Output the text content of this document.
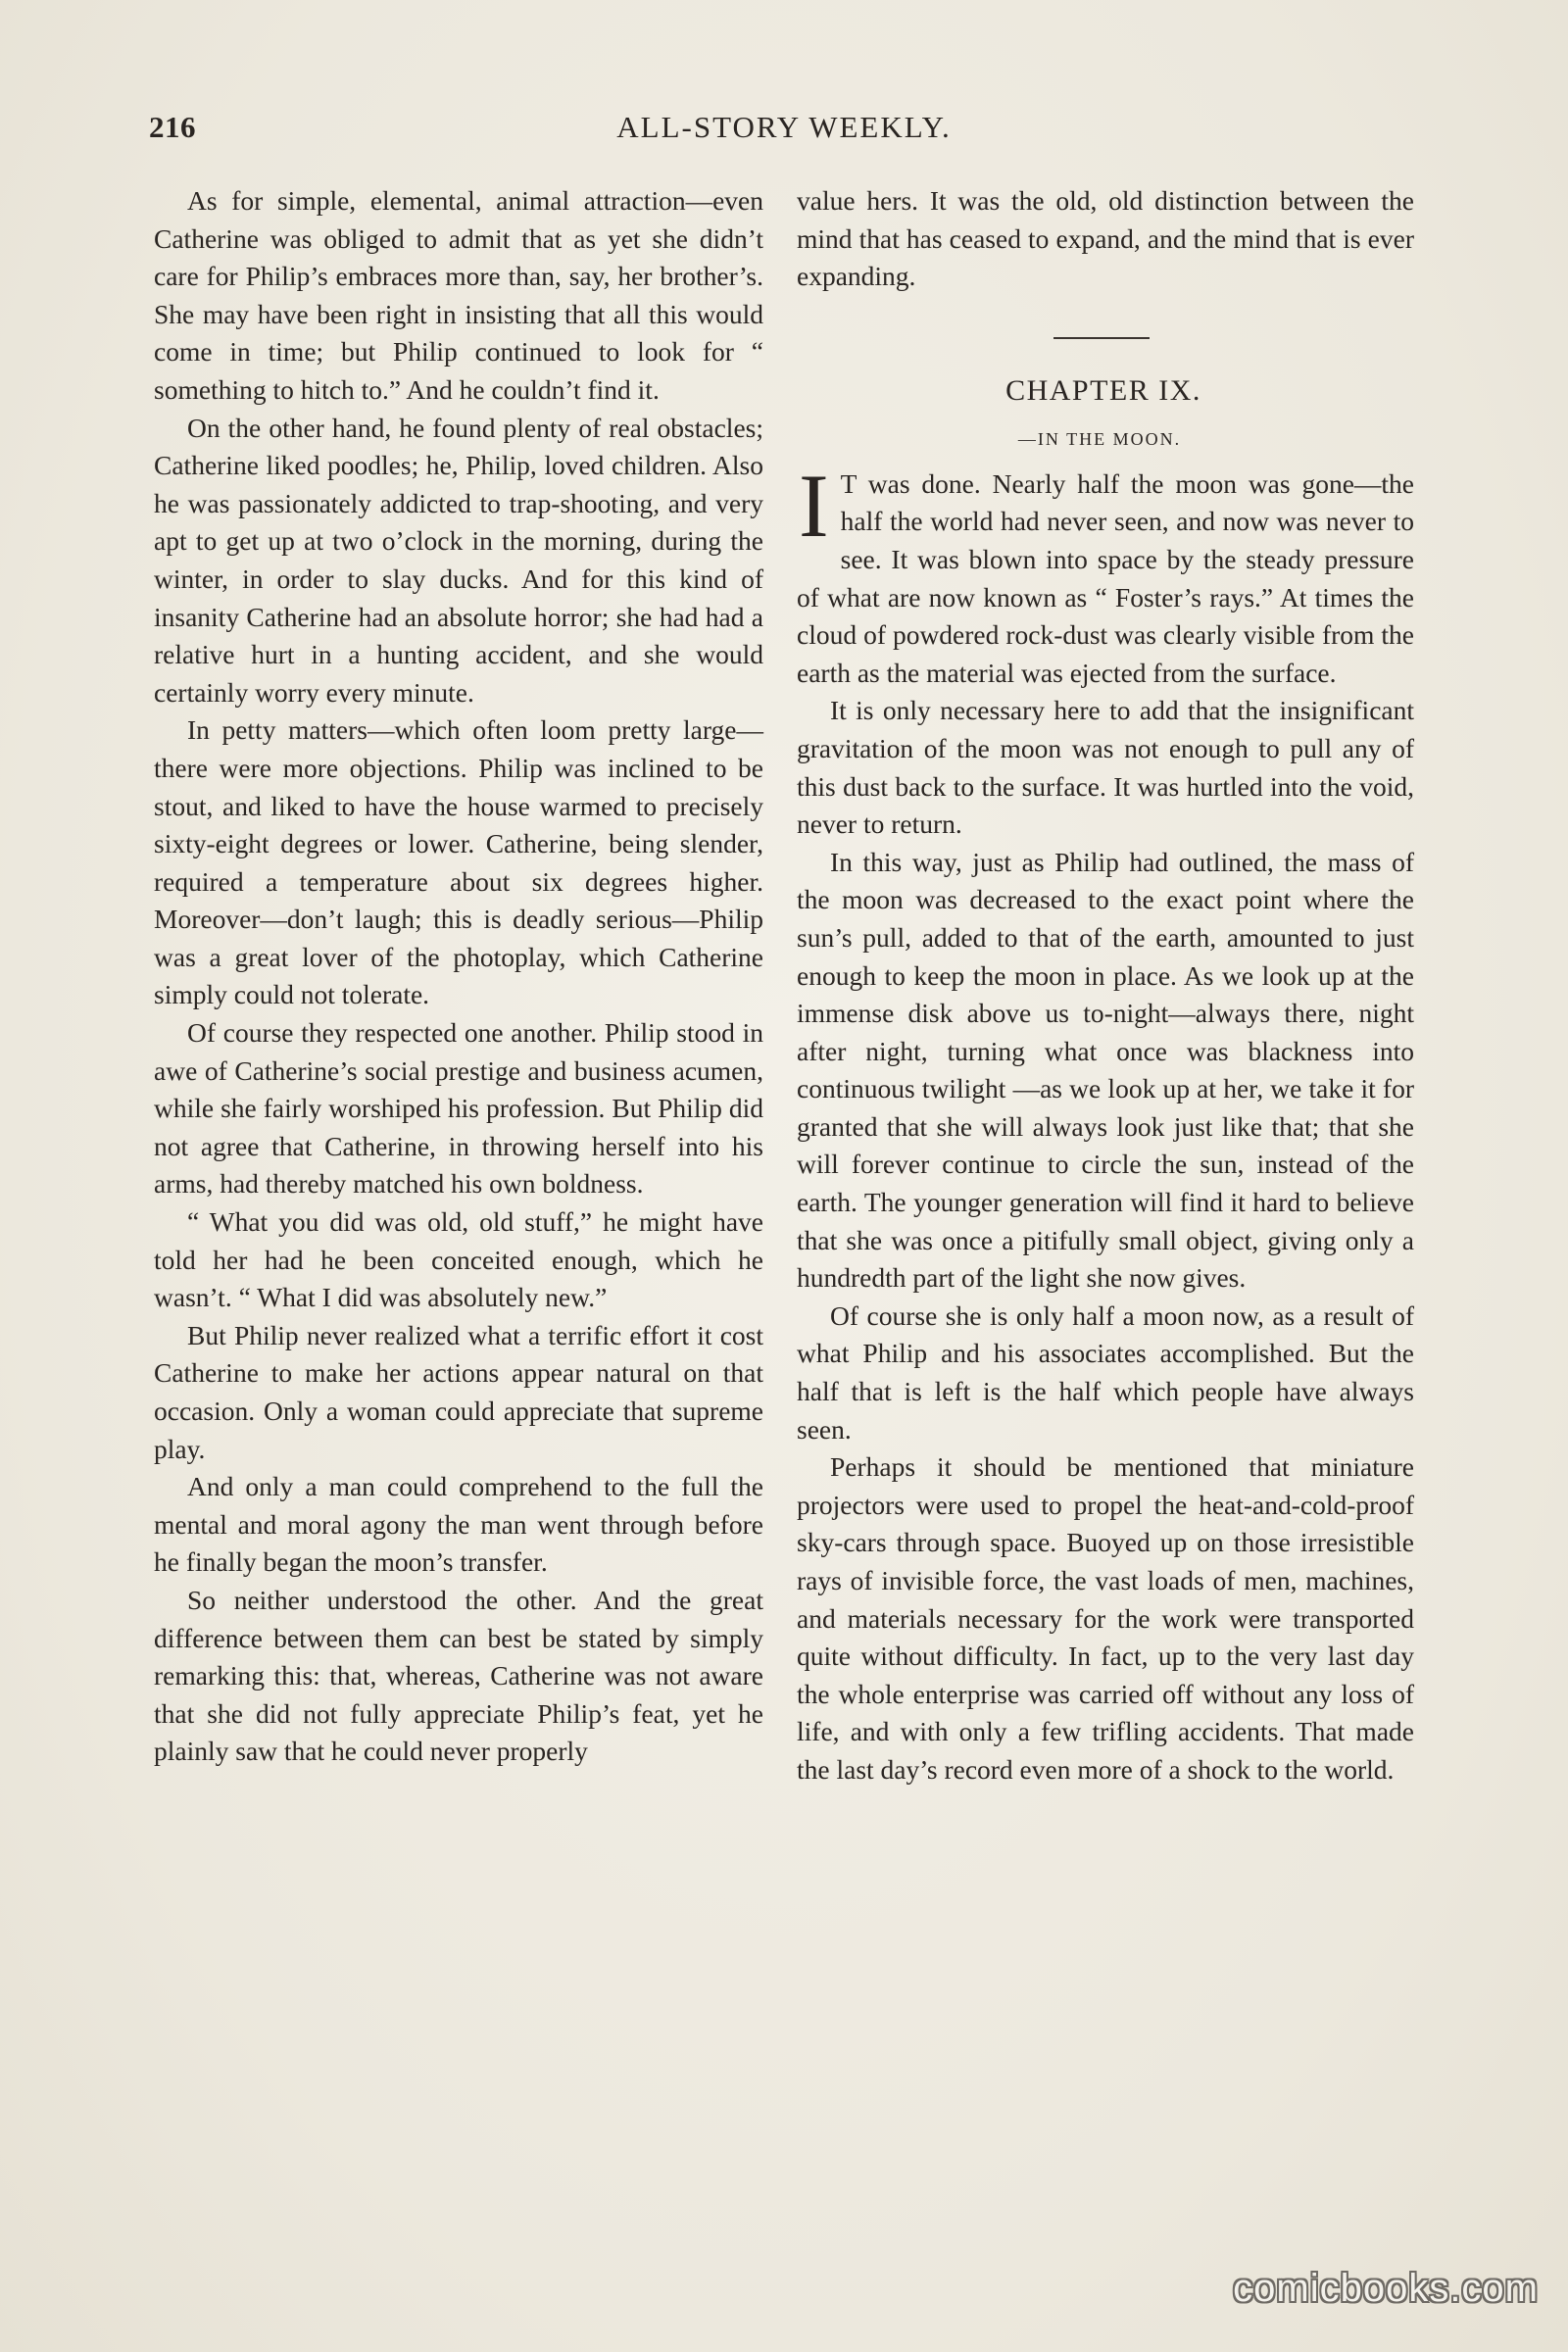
216	ALL-STORY WEEKLY.

As for simple, elemental, animal attraction—even Catherine was obliged to admit that as yet she didn’t care for Philip’s embraces more than, say, her brother’s. She may have been right in insisting that all this would come in time; but Philip continued to look for “ something to hitch to.” And he couldn’t find it.

On the other hand, he found plenty of real obstacles; Catherine liked poodles; he, Philip, loved children. Also he was passionately addicted to trap-shooting, and very apt to get up at two o’clock in the morning, during the winter, in order to slay ducks. And for this kind of insanity Catherine had an absolute horror; she had had a relative hurt in a hunting accident, and she would certainly worry every minute.

In petty matters—which often loom pretty large—there were more objections. Philip was inclined to be stout, and liked to have the house warmed to precisely sixty-eight degrees or lower. Catherine, being slender, required a temperature about six degrees higher. Moreover—don’t laugh; this is deadly serious—Philip was a great lover of the photoplay, which Catherine simply could not tolerate.

Of course they respected one another. Philip stood in awe of Catherine’s social prestige and business acumen, while she fairly worshiped his profession. But Philip did not agree that Catherine, in throwing herself into his arms, had thereby matched his own boldness.

“ What you did was old, old stuff,” he might have told her had he been conceited enough, which he wasn’t. “ What I did was absolutely new.”

But Philip never realized what a terrific effort it cost Catherine to make her actions appear natural on that occasion. Only a woman could appreciate that supreme play.

And only a man could comprehend to the full the mental and moral agony the man went through before he finally began the moon’s transfer.

So neither understood the other. And the great difference between them can best be stated by simply remarking this: that, whereas, Catherine was not aware that she did not fully appreciate Philip’s feat, yet he plainly saw that he could never properly

value hers. It was the old, old distinction between the mind that has ceased to expand, and the mind that is ever expanding.

CHAPTER IX.
—IN THE MOON.

I T was done. Nearly half the moon was gone—the half the world had never seen, and now was never to see. It was blown into space by the steady pressure of what are now known as “ Foster’s rays.” At times the cloud of powdered rock-dust was clearly visible from the earth as the material was ejected from the surface.

It is only necessary here to add that the insignificant gravitation of the moon was not enough to pull any of this dust back to the surface. It was hurtled into the void, never to return.

In this way, just as Philip had outlined, the mass of the moon was decreased to the exact point where the sun’s pull, added to that of the earth, amounted to just enough to keep the moon in place. As we look up at the immense disk above us to-night—always there, night after night, turning what once was blackness into continuous twilight —as we look up at her, we take it for granted that she will always look just like that; that she will forever continue to circle the sun, instead of the earth. The younger generation will find it hard to believe that she was once a pitifully small object, giving only a hundredth part of the light she now gives.

Of course she is only half a moon now, as a result of what Philip and his associates accomplished. But the half that is left is the half which people have always seen.

Perhaps it should be mentioned that miniature projectors were used to propel the heat-and-cold-proof sky-cars through space. Buoyed up on those irresistible rays of invisible force, the vast loads of men, machines, and materials necessary for the work were transported quite without difficulty. In fact, up to the very last day the whole enterprise was carried off without any loss of life, and with only a few trifling accidents. That made the last day’s record even more of a shock to the world.

comicbooks.com
